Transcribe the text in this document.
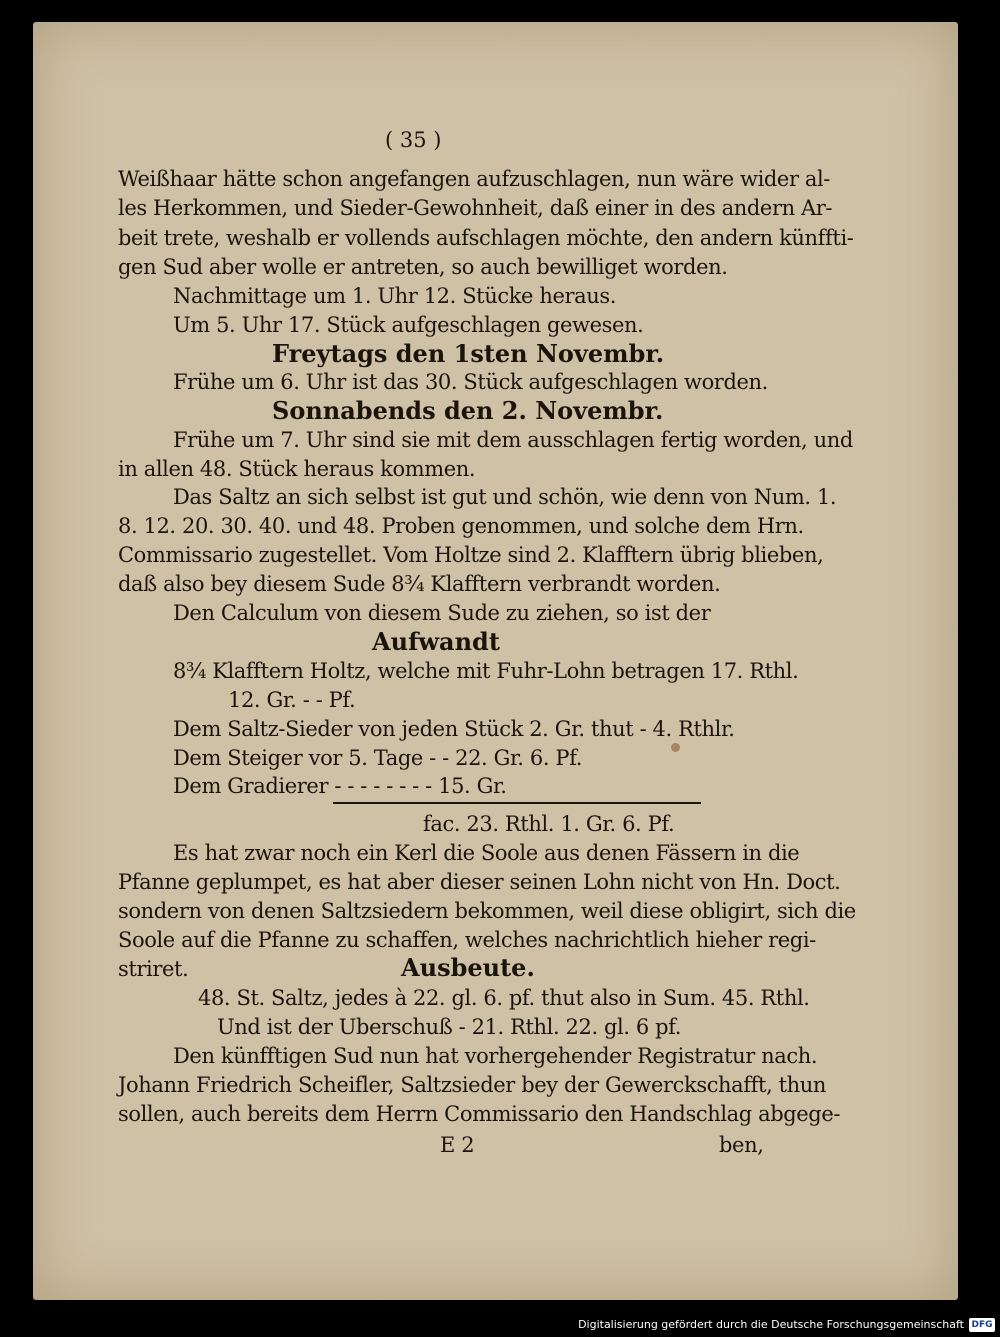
( 35 )
Weißhaar hätte schon angefangen aufzuschlagen, nun wäre wider al-
les Herkommen, und Sieder-Gewohnheit, daß einer in des andern Ar-
beit trete, weshalb er vollends aufschlagen möchte, den andern künffti-
gen Sud aber wolle er antreten, so auch bewilliget worden.
Nachmittage um 1. Uhr 12. Stücke heraus.
Um 5. Uhr 17. Stück aufgeschlagen gewesen.
Freytags den 1sten Novembr.
Frühe um 6. Uhr ist das 30. Stück aufgeschlagen worden.
Sonnabends den 2. Novembr.
Frühe um 7. Uhr sind sie mit dem ausschlagen fertig worden, und
in allen 48. Stück heraus kommen.
Das Saltz an sich selbst ist gut und schön, wie denn von Num. 1.
8. 12. 20. 30. 40. und 48. Proben genommen, und solche dem Hrn.
Commissario zugestellet. Vom Holtze sind 2. Klafftern übrig blieben,
daß also bey diesem Sude 8¾ Klafftern verbrandt worden.
Den Calculum von diesem Sude zu ziehen, so ist der
Aufwandt
8¾ Klafftern Holtz, welche mit Fuhr-Lohn betragen 17. Rthl.
12. Gr. - - Pf.
Dem Saltz-Sieder von jeden Stück 2. Gr. thut - 4. Rthlr.
Dem Steiger vor 5. Tage - - 22. Gr. 6. Pf.
Dem Gradierer - - - - - - - - 15. Gr.
fac. 23. Rthl. 1. Gr. 6. Pf.
Es hat zwar noch ein Kerl die Soole aus denen Fässern in die
Pfanne geplumpet, es hat aber dieser seinen Lohn nicht von Hn. Doct.
sondern von denen Saltzsiedern bekommen, weil diese obligirt, sich die
Soole auf die Pfanne zu schaffen, welches nachrichtlich hieher regi-
striret.	Ausbeute.
48. St. Saltz, jedes à 22. gl. 6. pf. thut also in Sum. 45. Rthl.
Und ist der Uberschuß - 21. Rthl. 22. gl. 6 pf.
Den künfftigen Sud nun hat vorhergehender Registratur nach.
Johann Friedrich Scheifler, Saltzsieder bey der Gewerckschafft, thun
sollen, auch bereits dem Herrn Commissario den Handschlag abgege-
E 2	ben,
Digitalisierung gefördert durch die Deutsche Forschungsgemeinschaft DFG
